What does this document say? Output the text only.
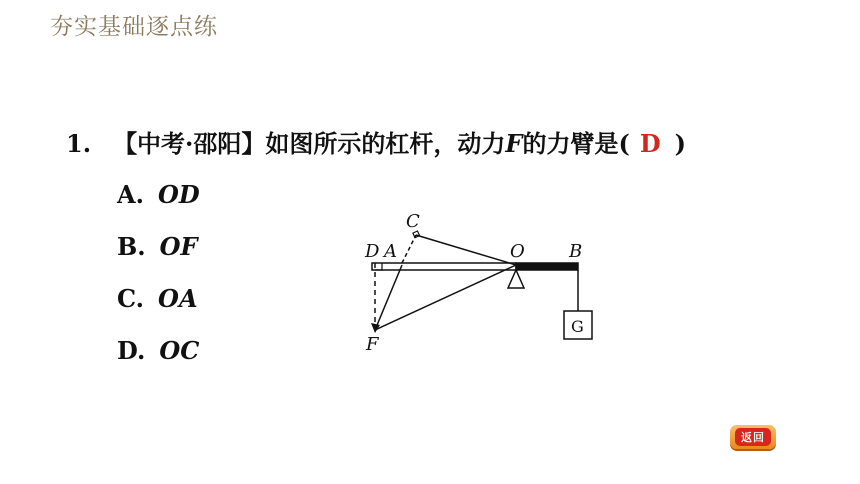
夯实基础逐点练
1. 【中考·邵阳】如图所示的杠杆，动力F的力臂是( D )
A. OD
B. OF
C. OA
D. OC
C
D A	O B
F
G
返回
